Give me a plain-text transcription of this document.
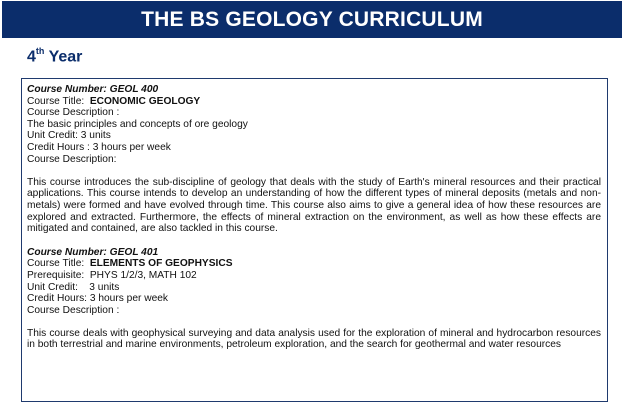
THE BS GEOLOGY CURRICULUM
4th Year
Course Number: GEOL 400
Course Title: ECONOMIC GEOLOGY
Course Description :
The basic principles and concepts of ore geology
Unit Credit: 3 units
Credit Hours : 3 hours per week
Course Description:
This course introduces the sub-discipline of geology that deals with the study of Earth's mineral resources and their practical applications. This course intends to develop an understanding of how the different types of mineral deposits (metals and non-metals) were formed and have evolved through time. This course also aims to give a general idea of how these resources are explored and extracted. Furthermore, the effects of mineral extraction on the environment, as well as how these effects are mitigated and contained, are also tackled in this course.
Course Number: GEOL 401
Course Title: ELEMENTS OF GEOPHYSICS
Prerequisite: PHYS 1/2/3, MATH 102
Unit Credit: 3 units
Credit Hours: 3 hours per week
Course Description :
This course deals with geophysical surveying and data analysis used for the exploration of mineral and hydrocarbon resources in both terrestrial and marine environments, petroleum exploration, and the search for geothermal and water resources
